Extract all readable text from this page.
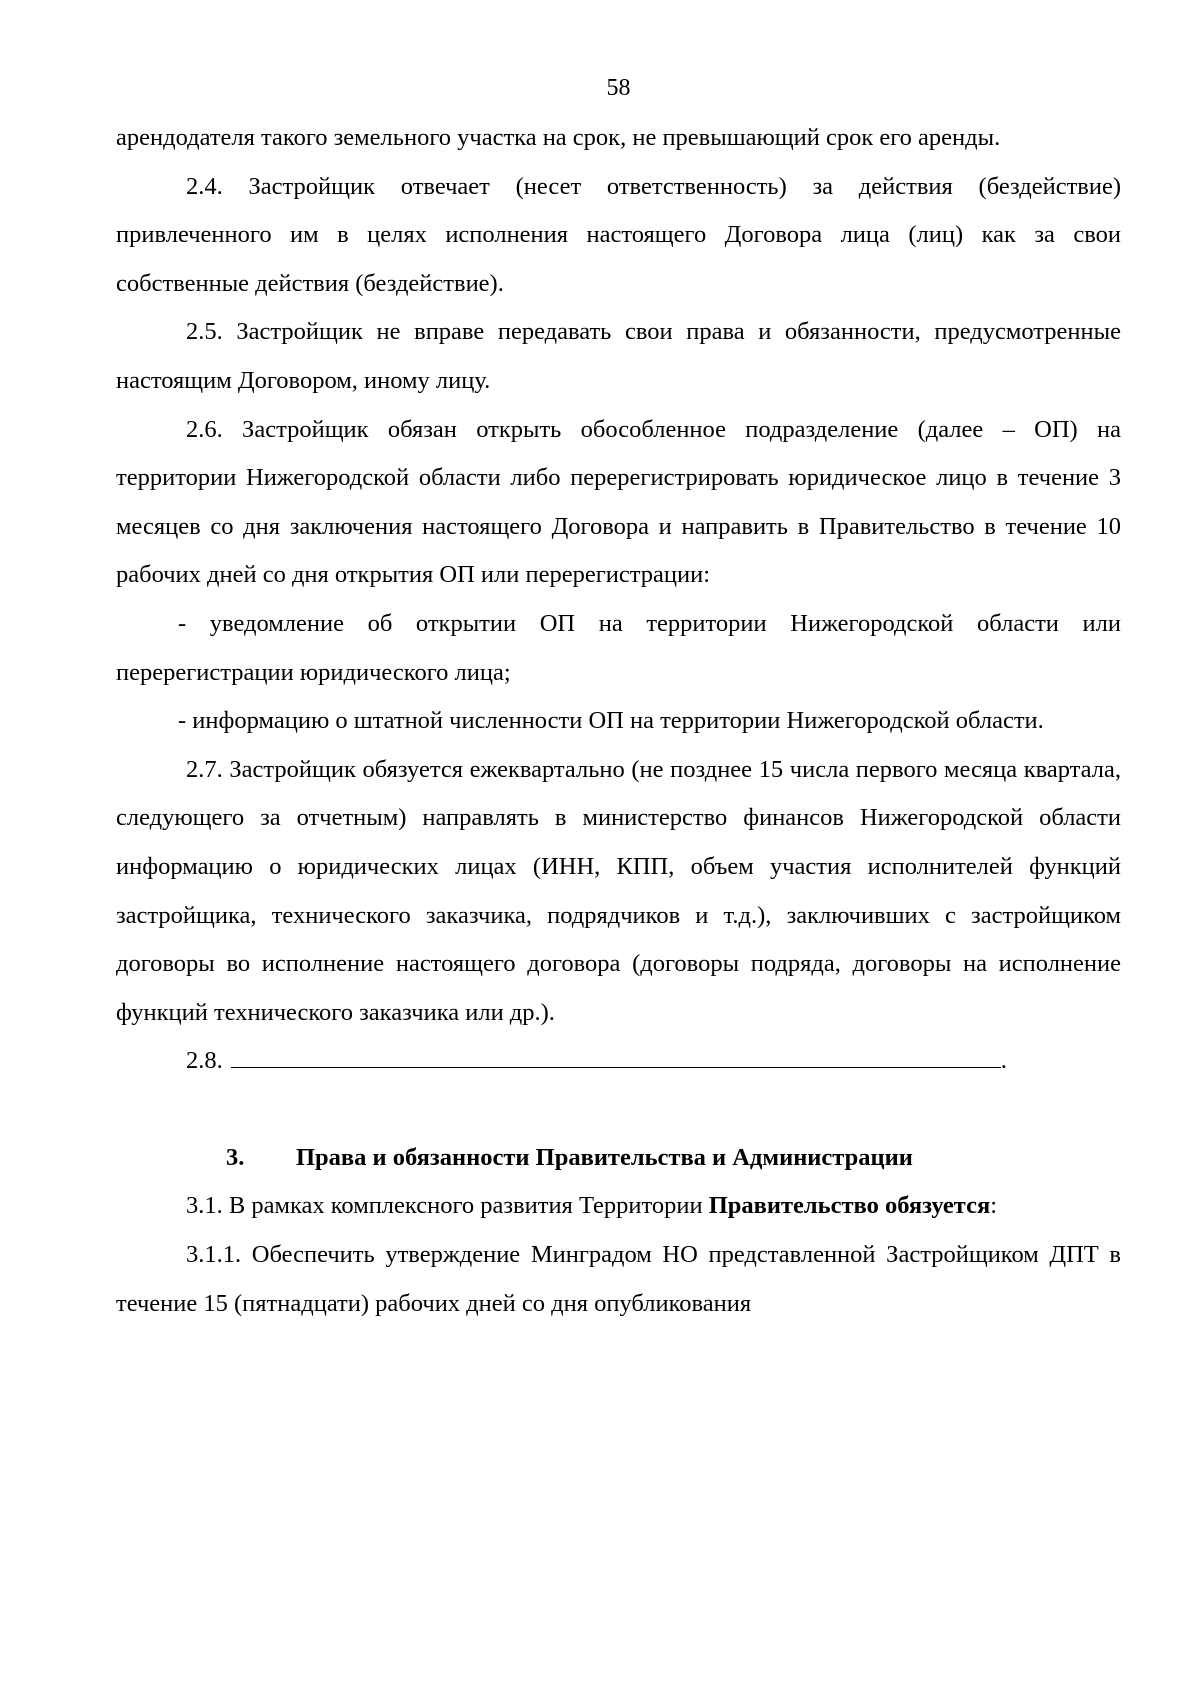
58

арендодателя такого земельного участка на срок, не превышающий срок его аренды.

2.4. Застройщик отвечает (несет ответственность) за действия (бездействие) привлеченного им в целях исполнения настоящего Договора лица (лиц) как за свои собственные действия (бездействие).

2.5. Застройщик не вправе передавать свои права и обязанности, предусмотренные настоящим Договором, иному лицу.

2.6. Застройщик обязан открыть обособленное подразделение (далее – ОП) на территории Нижегородской области либо перерегистрировать юридическое лицо в течение 3 месяцев со дня заключения настоящего Договора и направить в Правительство в течение 10 рабочих дней со дня открытия ОП или перерегистрации:

- уведомление об открытии ОП на территории Нижегородской области или перерегистрации юридического лица;

- информацию о штатной численности ОП на территории Нижегородской области.

2.7. Застройщик обязуется ежеквартально (не позднее 15 числа первого месяца квартала, следующего за отчетным) направлять в министерство финансов Нижегородской области информацию о юридических лицах (ИНН, КПП, объем участия исполнителей функций застройщика, технического заказчика, подрядчиков и т.д.), заключивших с застройщиком договоры во исполнение настоящего договора (договоры подряда, договоры на исполнение функций технического заказчика или др.).

2.8.	.

3. Права и обязанности Правительства и Администрации

3.1. В рамках комплексного развития Территории Правительство обязуется:

3.1.1. Обеспечить утверждение Минградом НО представленной Застройщиком ДПТ в течение 15 (пятнадцати) рабочих дней со дня опубликования
